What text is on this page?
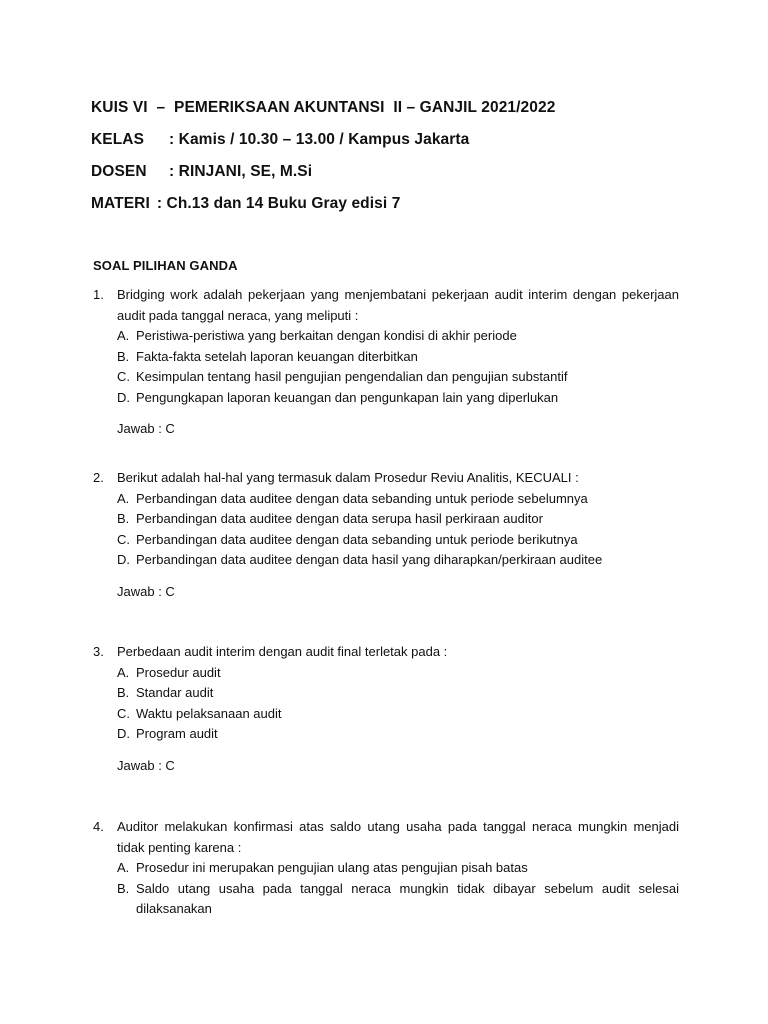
KUIS VI  –  PEMERIKSAAN AKUNTANSI  II – GANJIL 2021/2022
KELAS	: Kamis / 10.30 – 13.00 / Kampus Jakarta
DOSEN	: RINJANI, SE, M.Si
MATERI : Ch.13 dan 14 Buku Gray edisi 7
SOAL PILIHAN GANDA
1.	Bridging work adalah pekerjaan yang menjembatani pekerjaan audit interim dengan pekerjaan audit pada tanggal neraca, yang meliputi :
A. Peristiwa-peristiwa yang berkaitan dengan kondisi di akhir periode
B. Fakta-fakta setelah laporan keuangan diterbitkan
C. Kesimpulan tentang hasil pengujian pengendalian dan pengujian substantif
D. Pengungkapan laporan keuangan dan pengunkapan lain yang diperlukan
Jawab : C
2.	Berikut adalah hal-hal yang termasuk dalam Prosedur Reviu Analitis, KECUALI :
A. Perbandingan data auditee dengan data sebanding untuk periode sebelumnya
B. Perbandingan data auditee dengan data serupa hasil perkiraan auditor
C. Perbandingan data auditee dengan data sebanding untuk periode berikutnya
D. Perbandingan data auditee dengan data hasil yang diharapkan/perkiraan auditee
Jawab : C
3.	Perbedaan audit interim dengan audit final terletak pada :
A. Prosedur audit
B. Standar audit
C. Waktu pelaksanaan audit
D. Program audit
Jawab : C
4.	Auditor melakukan konfirmasi atas saldo utang usaha pada tanggal neraca mungkin menjadi tidak penting karena :
A. Prosedur ini merupakan pengujian ulang atas pengujian pisah batas
B. Saldo utang usaha pada tanggal neraca mungkin tidak dibayar sebelum audit selesai dilaksanakan
